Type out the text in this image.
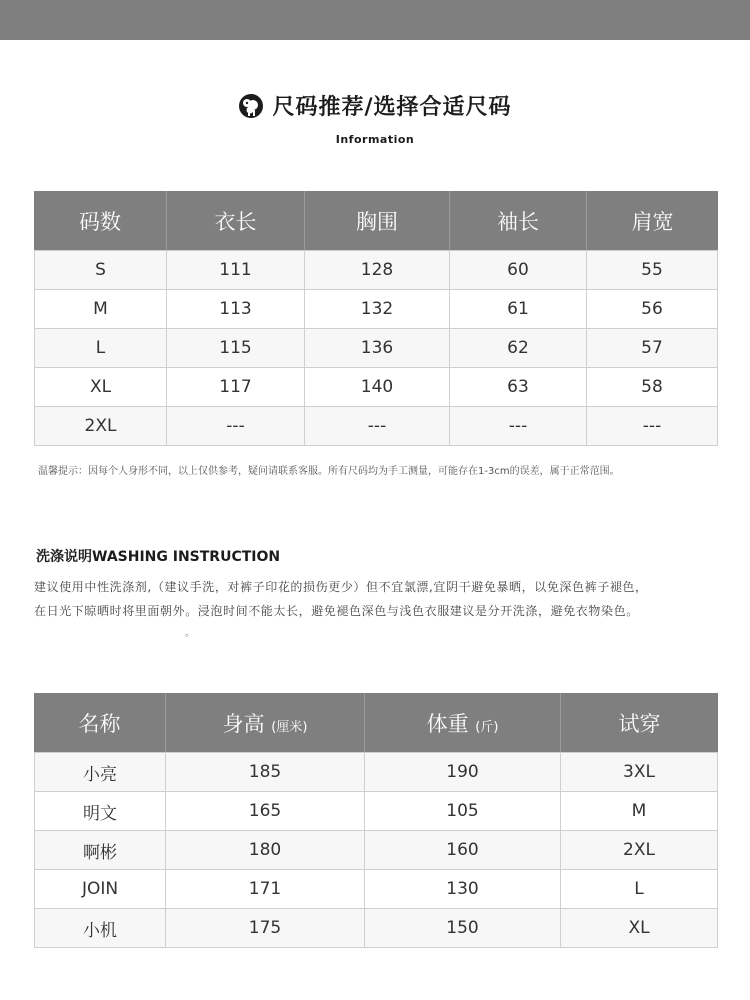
尺码推荐/选择合适尺码
Information
码数	衣长	胸围	袖长	肩宽
S	111	128	60	55
M	113	132	61	56
L	115	136	62	57
XL	117	140	63	58
2XL	---	---	---	---
温馨提示：因每个人身形不同，以上仅供参考，疑问请联系客服。所有尺码均为手工测量，可能存在1-3cm的误差，属于正常范围。
洗涤说明WASHING INSTRUCTION
建议使用中性洗涤剂,（建议手洗，对裤子印花的损伤更少）但不宜氯漂,宜阴干避免暴晒，以免深色裤子褪色，
在日光下晾晒时将里面朝外。浸泡时间不能太长，避免褪色深色与浅色衣服建议是分开洗涤，避免衣物染色。
。
名称	身高 (厘米)	体重 (斤)	试穿
小亮	185	190	3XL
明文	165	105	M
啊彬	180	160	2XL
JOIN	171	130	L
小机	175	150	XL
